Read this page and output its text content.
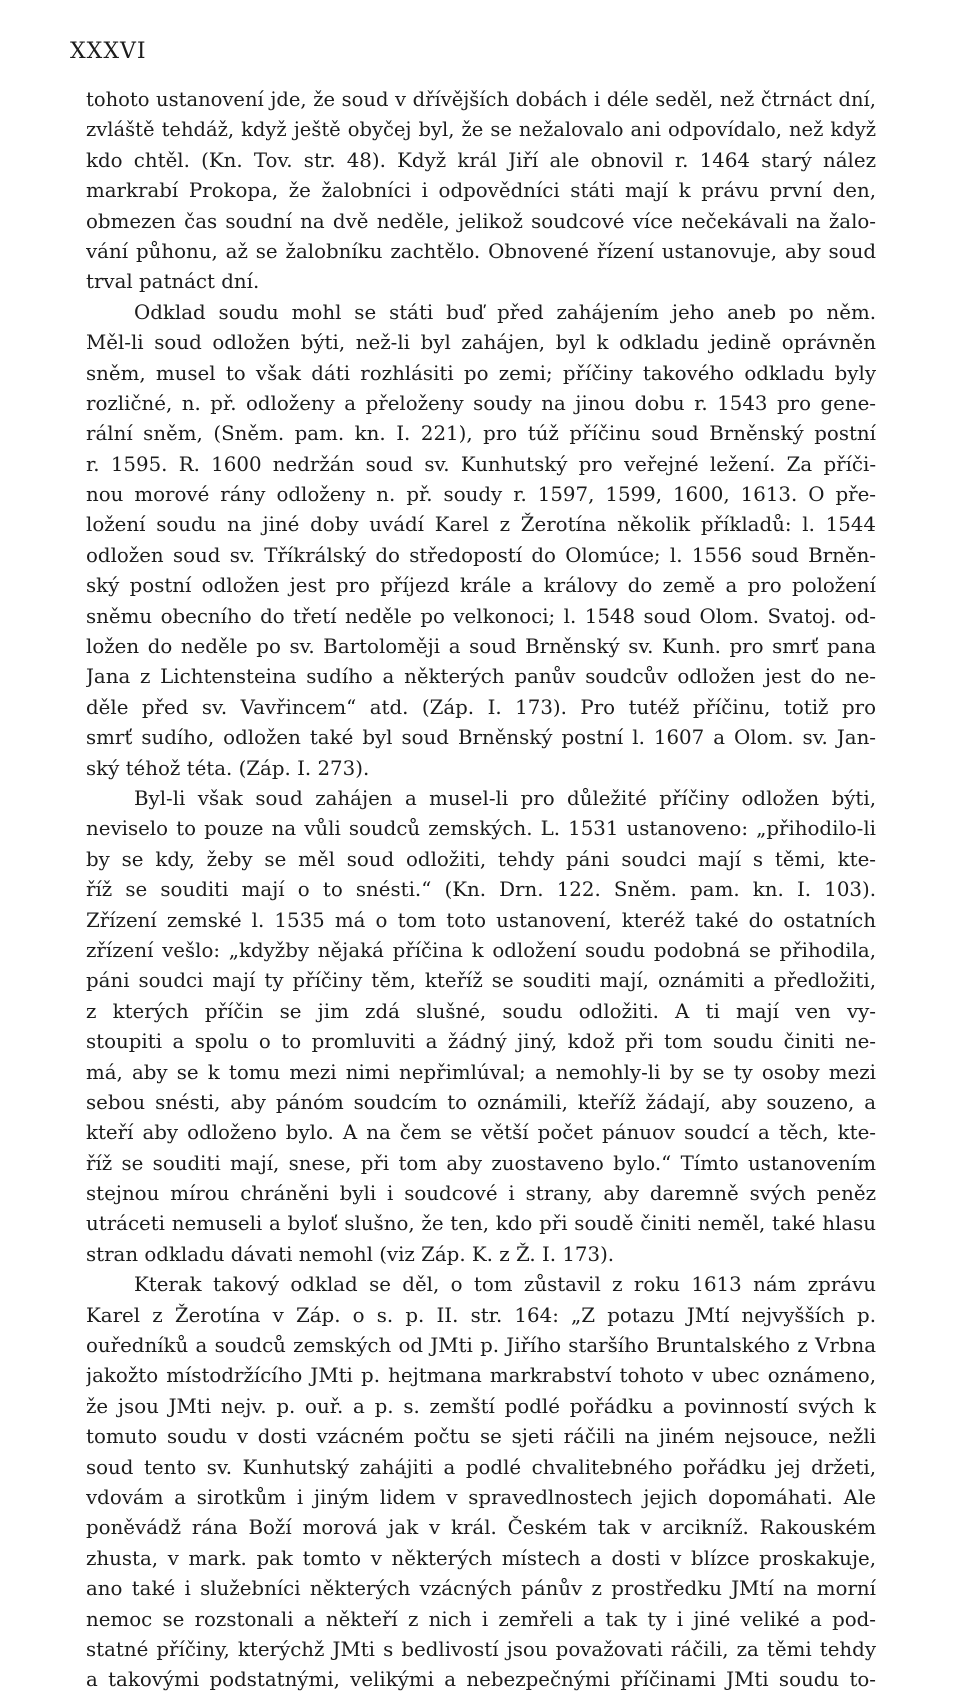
XXXVI
tohoto ustanovení jde, že soud v dřívějších dobách i déle seděl, než čtrnáct dní,
zvláště tehdáž, když ještě obyčej byl, že se nežalovalo ani odpovídalo, než když
kdo chtěl. (Kn. Tov. str. 48). Když král Jiří ale obnovil r. 1464 starý nález
markrabí Prokopa, že žalobníci i odpovědníci státi mají k právu první den,
obmezen čas soudní na dvě neděle, jelikož soudcové více nečekávali na žalo-
vání půhonu, až se žalobníku zachtělo. Obnovené řízení ustanovuje, aby soud
trval patnáct dní.
Odklad soudu mohl se státi buď před zahájením jeho aneb po něm.
Měl-li soud odložen býti, než-li byl zahájen, byl k odkladu jedině oprávněn
sněm, musel to však dáti rozhlásiti po zemi; příčiny takového odkladu byly
rozličné, n. př. odloženy a přeloženy soudy na jinou dobu r. 1543 pro gene-
rální sněm, (Sněm. pam. kn. I. 221), pro túž příčinu soud Brněnský postní
r. 1595. R. 1600 nedržán soud sv. Kunhutský pro veřejné ležení. Za příči-
nou morové rány odloženy n. př. soudy r. 1597, 1599, 1600, 1613. O pře-
ložení soudu na jiné doby uvádí Karel z Žerotína několik příkladů: l. 1544
odložen soud sv. Tříkrálský do středopostí do Olomúce; l. 1556 soud Brněn-
ský postní odložen jest pro příjezd krále a královy do země a pro položení
sněmu obecního do třetí neděle po velkonoci; l. 1548 soud Olom. Svatoj. od-
ložen do neděle po sv. Bartoloměji a soud Brněnský sv. Kunh. pro smrť pana
Jana z Lichtensteina sudího a některých panův soudcův odložen jest do ne-
děle před sv. Vavřincem“ atd. (Záp. I. 173). Pro tutéž příčinu, totiž pro
smrť sudího, odložen také byl soud Brněnský postní l. 1607 a Olom. sv. Jan-
ský téhož téta. (Záp. I. 273).
Byl-li však soud zahájen a musel-li pro důležité příčiny odložen býti,
neviselo to pouze na vůli soudců zemských. L. 1531 ustanoveno: „přihodilo-li
by se kdy, žeby se měl soud odložiti, tehdy páni soudci mají s těmi, kte-
říž se souditi mají o to snésti.“ (Kn. Drn. 122. Sněm. pam. kn. I. 103).
Zřízení zemské l. 1535 má o tom toto ustanovení, kteréž také do ostatních
zřízení vešlo: „kdyžby nějaká příčina k odložení soudu podobná se přihodila,
páni soudci mají ty příčiny těm, kteříž se souditi mají, oznámiti a předložiti,
z kterých příčin se jim zdá slušné, soudu odložiti. A ti mají ven vy-
stoupiti a spolu o to promluviti a žádný jiný, kdož při tom soudu činiti ne-
má, aby se k tomu mezi nimi nepřimlúval; a nemohly-li by se ty osoby mezi
sebou snésti, aby pánóm soudcím to oznámili, kteříž žádají, aby souzeno, a
kteří aby odloženo bylo. A na čem se větší počet pánuov soudcí a těch, kte-
říž se souditi mají, snese, při tom aby zuostaveno bylo.“ Tímto ustanovením
stejnou mírou chráněni byli i soudcové i strany, aby daremně svých peněz
utráceti nemuseli a byloť slušno, že ten, kdo při soudě činiti neměl, také hlasu
stran odkladu dávati nemohl (viz Záp. K. z Ž. I. 173).
Kterak takový odklad se děl, o tom zůstavil z roku 1613 nám zprávu
Karel z Žerotína v Záp. o s. p. II. str. 164: „Z potazu JMtí nejvyšších p.
ouředníků a soudců zemských od JMti p. Jiřího staršího Bruntalského z Vrbna
jakožto místodržícího JMti p. hejtmana markrabství tohoto v ubec oznámeno,
že jsou JMti nejv. p. ouř. a p. s. zemští podlé pořádku a povinností svých k
tomuto soudu v dosti vzácném počtu se sjeti ráčili na jiném nejsouce, nežli
soud tento sv. Kunhutský zahájiti a podlé chvalitebného pořádku jej držeti,
vdovám a sirotkům i jiným lidem v spravedlnostech jejich dopomáhati. Ale
poněvádž rána Boží morová jak v král. Českém tak v arcikníž. Rakouském
zhusta, v mark. pak tomto v některých místech a dosti v blízce proskakuje,
ano také i služebníci některých vzácných pánův z prostředku JMtí na morní
nemoc se rozstonali a někteří z nich i zemřeli a tak ty i jiné veliké a pod-
statné příčiny, kterýchž JMti s bedlivostí jsou považovati ráčili, za těmi tehdy
a takovými podstatnými, velikými a nebezpečnými příčinami JMti soudu to-
